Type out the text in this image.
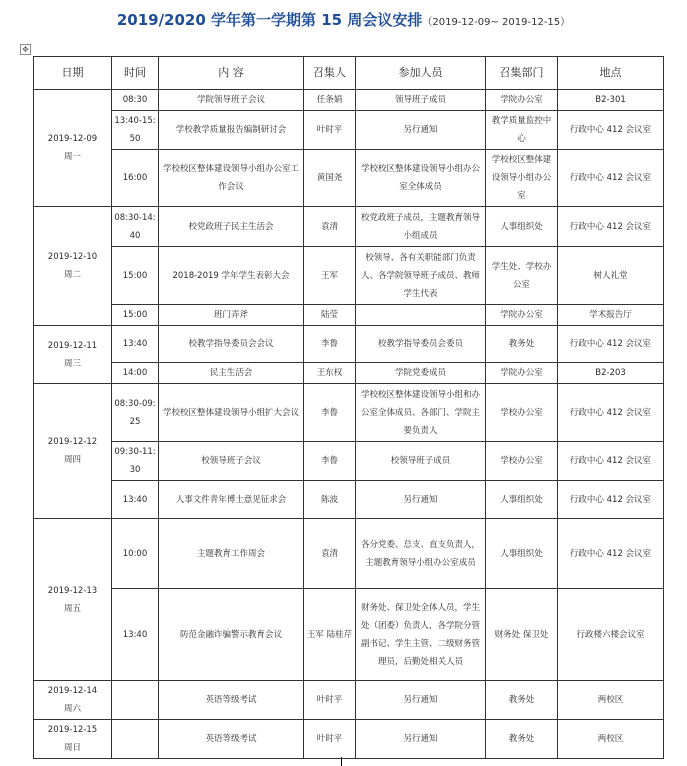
2019/2020 学年第一学期第 15 周会议安排（2019-12-09~ 2019-12-15）
✥
日期	时间	内 容	召集人	参加人员	召集部门	地点

2019-12-09
周一	08:30	学院领导班子会议	任条娟	领导班子成员	学院办公室	B2-301
	13:40-15:50	学校教学质量报告编制研讨会	叶时平	另行通知	教学质量监控中心	行政中心 412 会议室
	16:00	学校校区整体建设领导小组办公室工作会议	黄国尧	学校校区整体建设领导小组办公室全体成员	学校校区整体建设领导小组办公室	行政中心 412 会议室

2019-12-10
周二	08:30-14:40	校党政班子民主生活会	袁清	校党政班子成员，主题教育领导小组成员	人事组织处	行政中心 412 会议室
	15:00	2018-2019 学年学生表彰大会	王军	校领导、各有关职能部门负责人、各学院领导班子成员、教师学生代表	学生处、学校办公室	树人礼堂
	15:00	班门弄斧	陆莹		学院办公室	学术报告厅

2019-12-11
周三	13:40	校教学指导委员会会议	李鲁	校教学指导委员会委员	教务处	行政中心 412 会议室
	14:00	民主生活会	王东权	学院党委成员	学院办公室	B2-203

2019-12-12
周四	08:30-09:25	学校校区整体建设领导小组扩大会议	李鲁	学校校区整体建设领导小组和办公室全体成员、各部门、学院主要负责人	学校办公室	行政中心 412 会议室
	09:30-11:30	校领导班子会议	李鲁	校领导班子成员	学校办公室	行政中心 412 会议室
	13:40	人事文件青年博士意见征求会	陈波	另行通知	人事组织处	行政中心 412 会议室

2019-12-13
周五	10:00	主题教育工作周会	袁清	各分党委、总支、直支负责人，主题教育领导小组办公室成员	人事组织处	行政中心 412 会议室
	13:40	防范金融诈骗警示教育会议	王军 陆桂芹	财务处、保卫处全体人员，学生处（团委）负责人，各学院分管副书记、学生主管、二级财务管理员，后勤处相关人员	财务处 保卫处	行政楼六楼会议室

2019-12-14
周六		英语等级考试	叶时平	另行通知	教务处	两校区

2019-12-15
周日		英语等级考试	叶时平	另行通知	教务处	两校区
